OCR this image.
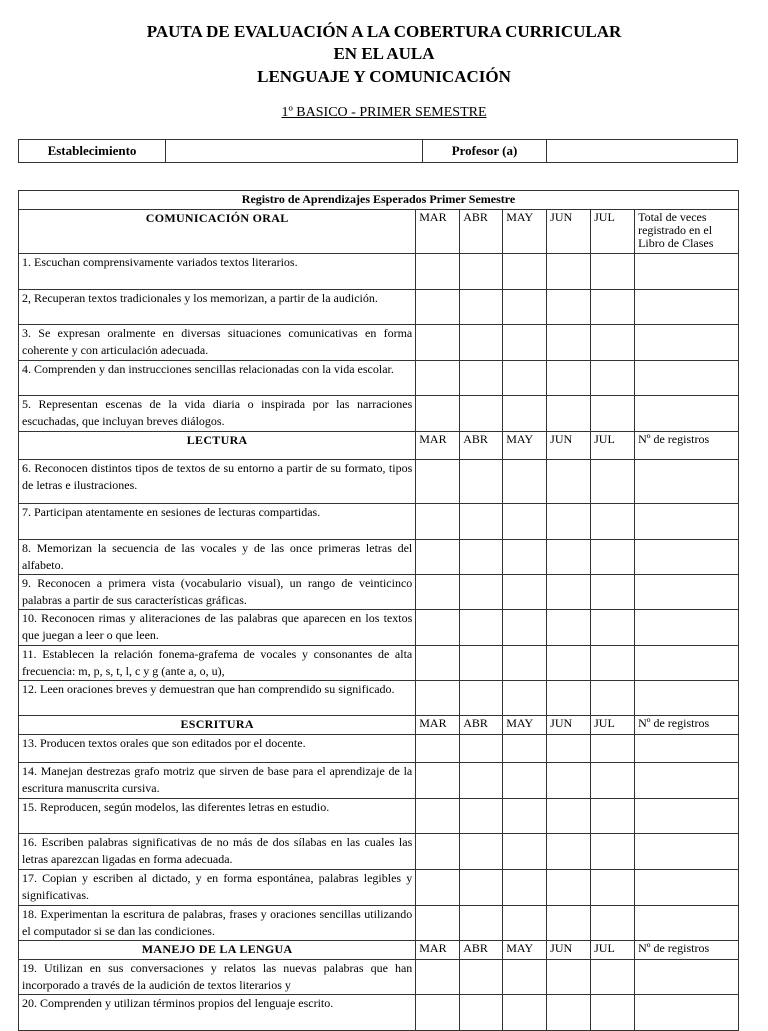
PAUTA DE EVALUACIÓN A LA COBERTURA CURRICULAR
EN EL AULA
LENGUAJE Y COMUNICACIÓN
1º BASICO - PRIMER SEMESTRE
Establecimiento		Profesor (a)	
Registro de Aprendizajes Esperados Primer Semestre						
COMUNICACIÓN ORAL	MAR	ABR	MAY	JUN	JUL	Total de veces registrado en el Libro de Clases
1. Escuchan comprensivamente variados textos literarios.						
2, Recuperan textos tradicionales y los memorizan, a partir de la audición.						
3. Se expresan oralmente en diversas situaciones comunicativas en forma coherente y con articulación adecuada.						
4. Comprenden y dan instrucciones sencillas relacionadas con la vida escolar.						
5. Representan escenas de la vida diaria o inspirada por las narraciones escuchadas, que incluyan breves diálogos.						
LECTURA	MAR	ABR	MAY	JUN	JUL	Nº de registros
6. Reconocen distintos tipos de textos de su entorno a partir de su formato, tipos de letras e ilustraciones.						
7. Participan atentamente en sesiones de lecturas compartidas.						
8. Memorizan la secuencia de las vocales y de las once primeras letras del alfabeto.						
9. Reconocen a primera vista (vocabulario visual), un rango de veinticinco palabras a partir de sus características gráficas.						
10. Reconocen rimas y aliteraciones de las palabras que aparecen en los textos que juegan a leer o que leen.						
11. Establecen la relación fonema-grafema de vocales y consonantes de alta frecuencia: m, p, s, t, l, c y g (ante a, o, u),						
12. Leen oraciones breves y demuestran que han comprendido su significado.						
ESCRITURA	MAR	ABR	MAY	JUN	JUL	Nº de registros
13. Producen textos orales que son editados por el docente.						
14. Manejan destrezas grafo motriz que sirven de base para el aprendizaje de la escritura manuscrita cursiva.						
15. Reproducen, según modelos, las diferentes letras en estudio.						
16. Escriben palabras significativas de no más de dos sílabas en las cuales las letras aparezcan ligadas en forma adecuada.						
17. Copian y escriben al dictado, y en forma espontánea, palabras legibles y significativas.						
18. Experimentan la escritura de palabras, frases y oraciones sencillas utilizando el computador si se dan las condiciones.						
MANEJO DE LA LENGUA	MAR	ABR	MAY	JUN	JUL	Nº de registros
19. Utilizan en sus conversaciones y relatos las nuevas palabras que han incorporado a través de la audición de textos literarios y						
20. Comprenden y utilizan términos propios del lenguaje escrito.						
